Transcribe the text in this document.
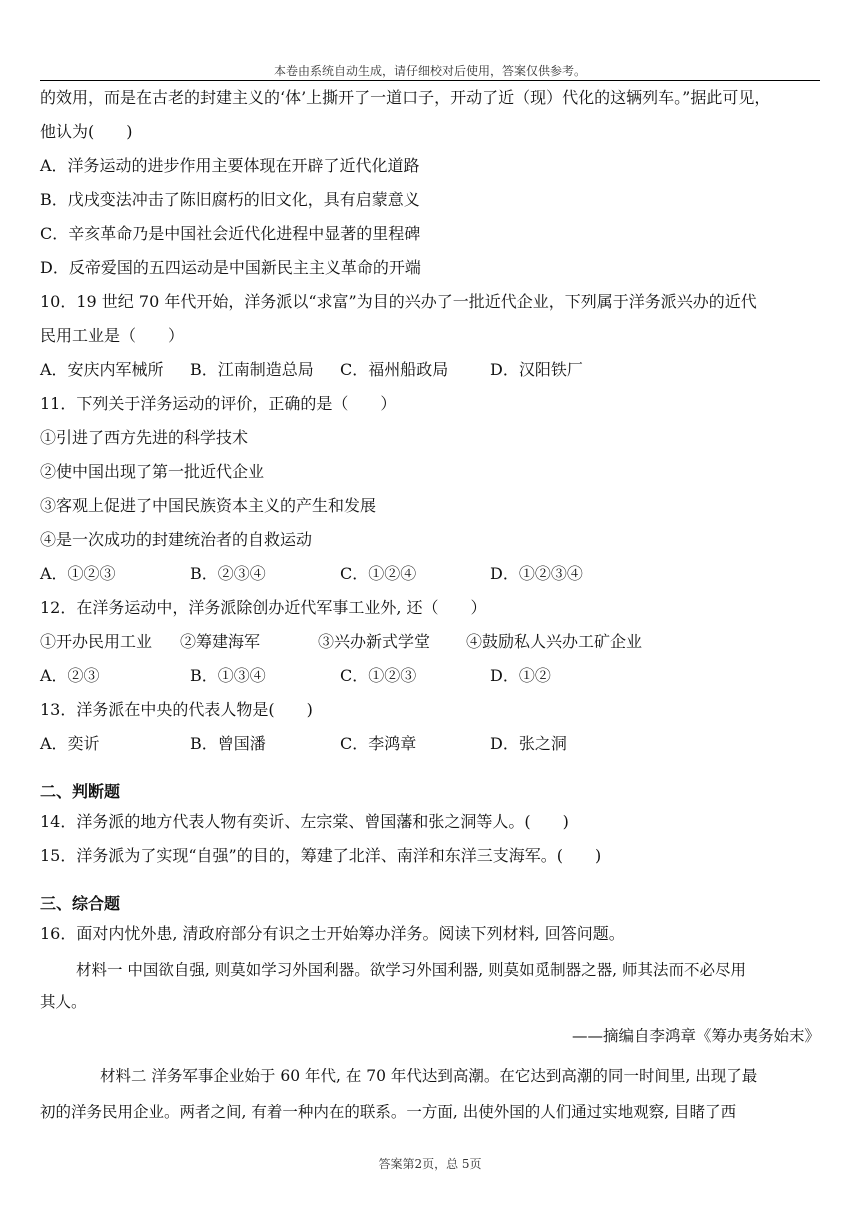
本卷由系统自动生成，请仔细校对后使用，答案仅供参考。
的效用，而是在古老的封建主义的‘体’上撕开了一道口子，开动了近（现）代化的这辆列车。”据此可见，
他认为(　　)
A．洋务运动的进步作用主要体现在开辟了近代化道路
B．戊戌变法冲击了陈旧腐朽的旧文化，具有启蒙意义
C．辛亥革命乃是中国社会近代化进程中显著的里程碑
D．反帝爱国的五四运动是中国新民主主义革命的开端
10．19 世纪 70 年代开始，洋务派以“求富”为目的兴办了一批近代企业，下列属于洋务派兴办的近代
民用工业是（　　）
A．安庆内军械所	B．江南制造总局	C．福州船政局	D．汉阳铁厂
11．下列关于洋务运动的评价，正确的是（　　）
①引进了西方先进的科学技术
②使中国出现了第一批近代企业
③客观上促进了中国民族资本主义的产生和发展
④是一次成功的封建统治者的自救运动
A．①②③	B．②③④	C．①②④	D．①②③④
12．在洋务运动中，洋务派除创办近代军事工业外, 还（　　）
①开办民用工业	②筹建海军	③兴办新式学堂	④鼓励私人兴办工矿企业
A．②③	B．①③④	C．①②③	D．①②
13．洋务派在中央的代表人物是(　　)
A．奕䜣	B．曾国潘	C．李鸿章	D．张之洞
二、判断题
14．洋务派的地方代表人物有奕䜣、左宗棠、曾国藩和张之洞等人。(　　)
15．洋务派为了实现“自强”的目的，筹建了北洋、南洋和东洋三支海军。(　　)
三、综合题
16．面对内忧外患, 清政府部分有识之士开始筹办洋务。阅读下列材料, 回答问题。
材料一 中国欲自强, 则莫如学习外国利器。欲学习外国利器, 则莫如觅制器之器, 师其法而不必尽用
其人。
——摘编自李鸿章《筹办夷务始末》
材料二 洋务军事企业始于 60 年代, 在 70 年代达到高潮。在它达到高潮的同一时间里, 出现了最
初的洋务民用企业。两者之间, 有着一种内在的联系。一方面, 出使外国的人们通过实地观察, 目睹了西
答案第2页，总 5页
